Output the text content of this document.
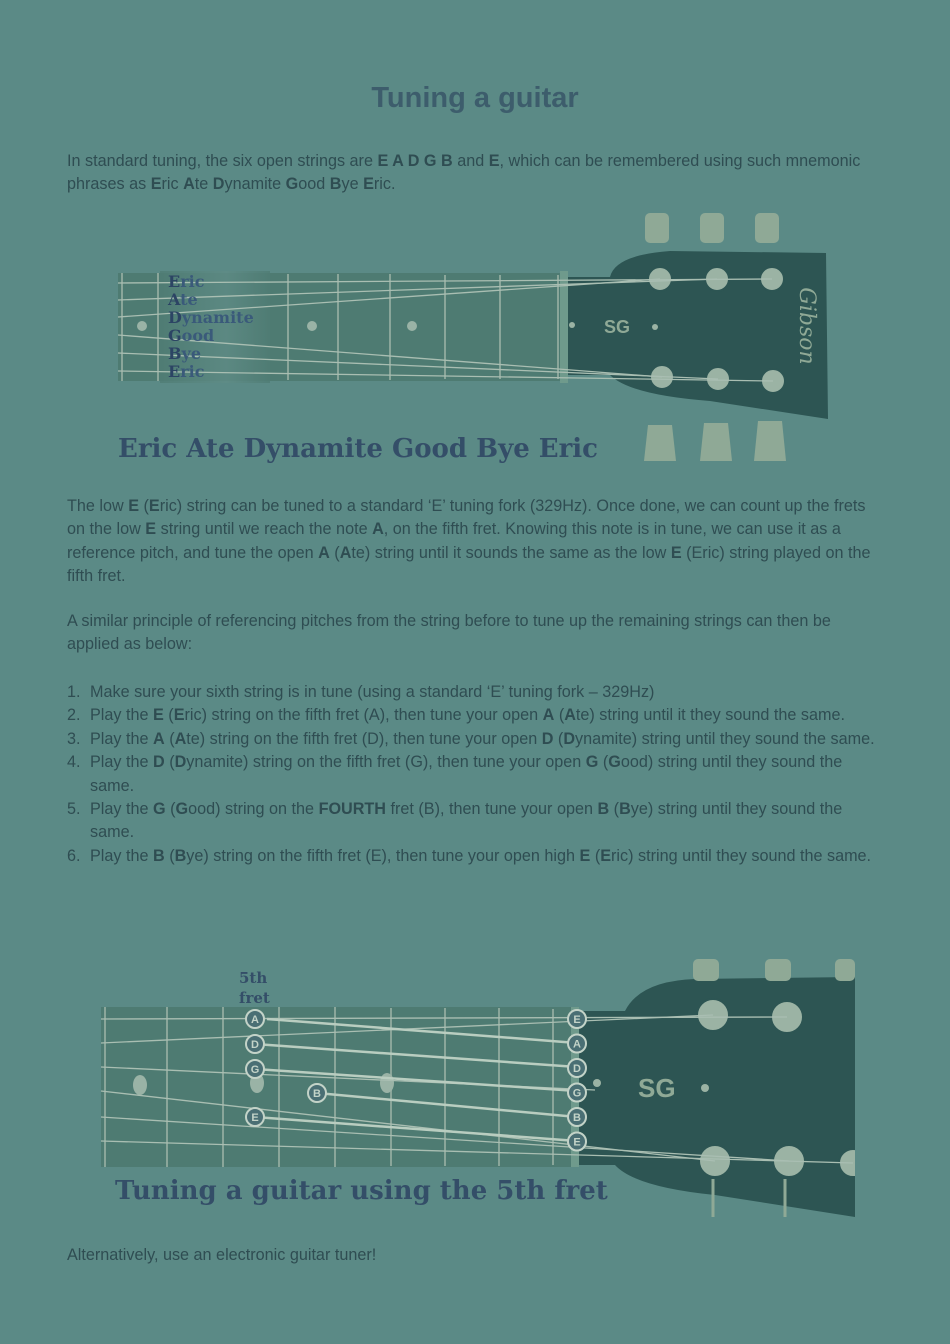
Tuning a guitar
In standard tuning, the six open strings are E A D G B and E, which can be remembered using such mnemonic phrases as Eric Ate Dynamite Good Bye Eric.
SG	Gibson
Eric
Ate
Dynamite
Good
Bye
Eric
Eric Ate Dynamite Good Bye Eric
The low E (Eric) string can be tuned to a standard ‘E’ tuning fork (329Hz). Once done, we can count up the frets on the low E string until we reach the note A, on the fifth fret. Knowing this note is in tune, we can use it as a reference pitch, and tune the open A (Ate) string until it sounds the same as the low E (Eric) string played on the fifth fret.
A similar principle of referencing pitches from the string before to tune up the remaining strings can then be applied as below:
1. Make sure your sixth string is in tune (using a standard ‘E’ tuning fork – 329Hz)
2. Play the E (Eric) string on the fifth fret (A), then tune your open A (Ate) string until it they sound the same.
3. Play the A (Ate) string on the fifth fret (D), then tune your open D (Dynamite) string until they sound the same.
4. Play the D (Dynamite) string on the fifth fret (G), then tune your open G (Good) string until they sound the same.
5. Play the G (Good) string on the FOURTH fret (B), then tune your open B (Bye) string until they sound the same.
6. Play the B (Bye) string on the fifth fret (E), then tune your open high E (Eric) string until they sound the same.
SG
5th
fret
A
D
G
B
E
E
A
D
G
B
E
Tuning a guitar using the 5th fret
Alternatively, use an electronic guitar tuner!
